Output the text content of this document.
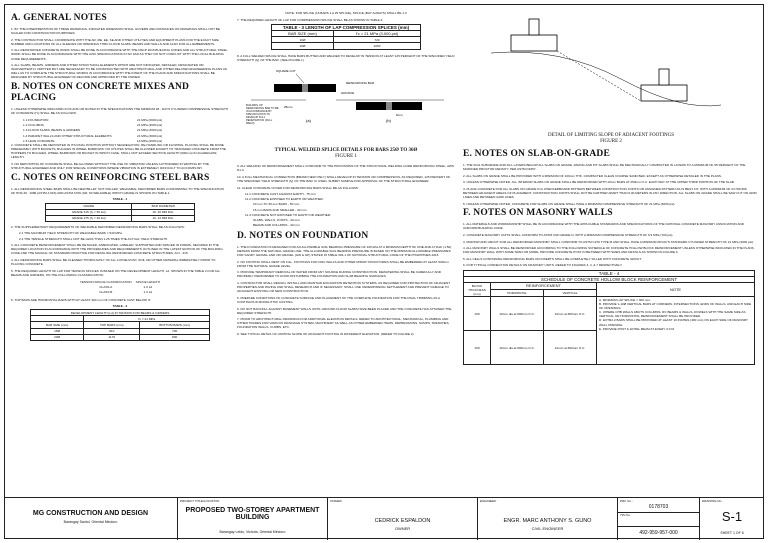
A. GENERAL NOTES
1. BY THE INTERPRETATION OF THESE DRAWINGS, INDICATED DIMENSION SHALL GOVERN AND DISTANCES ON DRAWINGS SHALL NOT BE SCALED FOR CONSTRUCTION PURPOSES.
2. THE CONTRACTOR SHALL COORDINATE WITH THE AR, ME, EE, SE AND OTHER UTILITIES AND EQUIPMENT PLANS FOR THE EXACT SIZE, NUMBER AND LOCATIONS OF ALL SLEEVES OR OPENINGS THRU FLOOR SLABS, BEAMS AND WALLS AND ALSO FOR ALL EMBEDMENTS.
3. ALL REINFORCED CONCRETE WORK SHALL BE DONE IN ACCORDANCE WITH THE NSCP 2015 BUILDING CODES AND ALL STRUCTURAL STEEL WORK SHALL BE DONE IN ACCORDANCE WITH THE AISC SPECIFICATIONS IN SO FAR AS THEY DO NOT CONFLICT WITH THE LOCAL BUILDING CODE REQUIREMENTS.
4. ALL SLABS, BEAMS, GIRDERS AND OTHER STRUCTURAL ELEMENTS WHICH ARE NOT INDICATED, DETAILED, DESIGNATED OR INADVERTENTLY OMITTED BUT ARE NECESSARY TO BE CONSTRUCTED WITH ARCHITECTURAL AND OTHER RELATED ENGINEERING PLANS AS WELL AS TO COMPLETE THE STRUCTURAL WORKS IN ACCORDANCE WITH THE INTENT OF THE PLANS AND SPECIFICATIONS SHALL BE DESIGNED BY STRUCTURAL ENGINEER OF RECORD AND APPROVED BY THE OWNER.
B. NOTES ON CONCRETE MIXES AND PLACING
1. UNLESS OTHERWISE INDICATED IN PLANS OR NOTED IN THE SPECIFICATIONS THE MINIMUM 28 - DAYS CYLINDER COMPRESSIVE STRENGTH OF CONCRETE (f'c) SHALL BE AS FOLLOWS:
1.1 FOUNDATION	21 MPa (3000 psi)
1.2 COLUMNS	21 MPa (3000 psi)
1.3 FLOOR SLABS, BEAMS & GIRDERS	21 MPa (3000 psi)
1.4 PARAPET WALLS AND OTHER STRUCTURAL ELEMENTS	21 MPa (3000 psi)
1.5 LEAN CONCRETE	14 MPa (2000 psi)
2. CONCRETE SHALL BE DEPOSITED IN ITS FINAL POSITION WITHOUT SEGREGATION, RE-HANDLING OR FLOWING. PLACING SHALL BE DONE PREFERABLY WITH BUCKETS, BUGGIES IN WHEEL BARROWS. NO CHUTES SHALL BE ALLOWED EXCEPT TO TRANSFER CONCRETE FROM THE HOPPERS TO BUGGIES, WHEEL BARROWS OR BUCKET IN WHICH CASE, SHALL NOT EXCEED SECTION LENGTH (600mm) IN AGGREGATE LENGTH.
3. NO DEPOSITING OF CONCRETE SHALL BE ALLOWED WITHOUT THE USE OF VIBRATOR UNLESS AUTHORIZED IN WRITING BY THE STRUCTURAL ENGINEER AND ONLY FOR SPECIAL CONDITIONS WHERE VIBRATION IS EXTREMELY DIFFICULT TO ACCOMPLISH.
C. NOTES ON REINFORCING STEEL BARS
1. ALL REINFORCING STEEL BARS SHALL BE NEW BILLET, NOT ROLLED, WELDABLE, DEFORMED BARS CONFORMING TO THE SPECIFICATION OF PNS 49 : 1986 (ASTM A 615) AND ASTM A706 (GR. 60 WELDABLE) WHICH GRADE IS SHOWN ON TABLE 1.
TABLE - 1
GRADE	BAR DIAMETER
GRADE 415 (fy = 60 ksi)	16, 20 MM DIA.
GRADE 275 (fy = 40 ksi)	10, 12 MM DIA.
2. THE SUPPLEMENTARY REQUIREMENTS OF WELDABLE DEFORMED REINFORCING BARS SHALL BE AS FOLLOWS:
2.1 THE MAXIMUM YIELD STRENGTH OF WELDABLE BARS = 540 MPa.
2.2 THE TENSILE STRENGTH SHALL NOT BE LESS THAN 1.25 TIMES THE ACTUAL YIELD STRENGTH.
3. ALL CONCRETE REINFORCEMENT SHALL BE DETAILED, FABRICATED, LABELED, SUPPORTED AND SPACED IN FORMS, SECURED IN THE REQUIRED LOCATION IN ACCORDANCE WITH THE PROCEDURES AND REQUIREMENTS OUTLINED IN THE LATEST EDITION OF THE BUILDING CODE AND THE MANUAL OF STANDARD PRACTICE FOR DETAILING REINFORCED CONCRETE STRUCTURES, ACI - 315.
4. ALL REINFORCING BARS SHALL BE CLEANED THOROUGHLY OF ALL LOOSE RUST, SOIL OR OTHER MATERIAL IMMEDIATELY PRIOR TO PLACING CONCRETE.
5. THE REQUIRED LENGTH OF LAP FOR TENSION SPLICES IS BASED ON THE DEVELOPMENT LENGTH, Ld, SHOWN IN THE TABLE 2 FOR ALL BEAMS AND GIRDERS, ON THE FOLLOWING CLASSIFICATION:
TENSION SPLICE CLASSIFICATION	SPLICE LENGTH
CLASS A	1.0 Ld
CLASS B	1.3 Ld
6. TOP BARS ARE HORIZONTAL BARS WITH AT LEAST 300 mm OF CONCRETE CAST BELOW IT.
TABLE - 2
DEVELOPMENT LENGTH (Ld) IN TENSION FOR BEAMS & GIRDERS		
	f'c = 21 MPa	
BAR SIZE (mm)	TOP BARS (mm)	BOTTOM BARS (mm)
16Ø	910	700
20Ø	1170	900
NOTE: FOR SPLICE (16 BARS 1 A 25 SPLICE), SPLICE (BUT ALWAYS) SHALL BE 1.3
7. THE REQUIRED LENGTH OF LAP FOR COMPRESSION SPLICE SHALL BE AS SHOWN IN TABLE 3.
TABLE - 3 LENGTH OF LAP COMPRESSION SPLICES (mm)	
BAR SIZE (mm)	f'c = 21 MPa (3,000 psi)
16Ø	720
20Ø	1050
8. A FULL WELDED SPLICE SHALL HAVE BARS BUTTED AND WELDED TO DEVELOP IN TENSION AT LEAST 125 PERCENT OF THE SPECIFIED YIELD STRENGTH (fy) OF THE BAR. (SEE FIGURE 1)
SQUARE CUT
REINFORCING BAR
(a)	(b)
GROOVE
25mm
6mm
BUILDING UP REINFORCING BAR TO BE IN ACCORDANCE BY SPECIFICATION TO DEVELOP FULL PENETRATION (FULL WELD)
TYPICAL WELDED SPLICE DETAILS FOR BARS 25Ø TO 36Ø
FIGURE 1
9. ALL WELDING OF REINFORCEMENT SHALL CONFORM TO THE PROVISIONS OF THE STRUCTURAL WELDING CODE REINFORCING STEEL, AWS D1.4.
10. A FULL MECHANICAL CONNECTION (BRAND NEW ONLY) SHALL DEVELOP IN TENSION OR COMPRESSION, AS REQUIRED, 125 PERCENT OF THE SPECIFIED YIELD STRENGTH (fy) OF THE BAR. IF USED, SUBMIT SAMPLE FOR APPROVAL OF THE STRUCTURAL ENGINEER.
11. CLEAR CONCRETE COVER FOR REINFORCING BARS SHALL BE AS FOLLOWS:
11.1 CONCRETE CAST AGAINST EARTH - 75 mm
11.2 CONCRETE EXPOSED TO EARTH OR WEATHER:
20 mm TO 36 mm BARS - 50 mm
16 mm BARS AND SMALLER - 40 mm
11.3 CONCRETE NOT EXPOSED TO EARTH OR WEATHER:
SLABS, WALLS, JOISTS - 20 mm
BEAMS AND COLUMNS - 40 mm
D. NOTES ON FOUNDATION
1. THE FOUNDATION IS DESIGNED FOR AN ALLOWABLE SOIL BEARING PRESSURE OF 100 kPa AT A MINIMUM DEPTH OF ONE AND A HALF (1.50) METERS FROM THE NATURAL GRADE LINE. THE ALLOWABLE SOIL BEARING PRESSURE IS BASED ON THE MINIMUM ALLOWABLE PRESSURES FOR SANDY GRAVEL AND OR GRAVEL (GW & GP) STATED IN TABLE 304-1 OF NATIONAL STRUCTURAL CODE OF THE PHILIPPINES 2015.
2. NO FOOTING SHALL REST ON FILL. FOOTINGS FOR CMU WALLS AND OTHER MINOR STRUCTURES SHALL BE EMBEDDED AT LEAST 600mm FROM THE NATURAL GRADE LEVEL.
3. PROVIDE TEMPORARY REMOVAL OF WATER FROM ANY SOURCE DURING CONSTRUCTION. DEWATERING SHALL BE CAREFULLY AND PROPERLY PERFORMED TO AVOID DISTURBING THE FOUNDATION AND SLAB BEARING SURFACES.
4. CONTRACTOR SHALL DESIGN, INSTALL AND MAINTAIN EXCAVATION RETENTION SYSTEMS, AS REQUIRED FOR PROTECTION OF ADJACENT PROPERTIES AND PAVING AND SHALL RESEARCH AND IF NECESSARY, SHALL USE UNDERPINNING SETTLEMENT AND PREVENT DAMAGE TO ADJACENT EXISTING OR NEW CONSTRUCTION.
5. PREPARE CONDITIONS OF CONCRETE SURFACE AND PLACEMENT OF THE COMPLETE FOUNDATION FOR THE FINAL TRIMMING AS A CONTINUOUS MONOLITHIC CASTING.
6. DO NOT BACKFILL AGAINST BASEMENT WALLS UNTIL GROUND FLOOR SLABS HAVE BEEN PLACED AND THE CONCRETE HAS ATTAINED THE REQUIRED STRENGTH.
7. PRIOR TO ARCHITECTURAL DRAWINGS FOR ADDITIONAL ELEVATION DETAILS. REFER TO ARCHITECTURAL, MECHANICAL, PLUMBING AND OTHER TRADES FOR VARIOUS DRAINAGE SYSTEM, MACHINERY AS WELL AS OTHER EMBEDDED ITEMS, DEPRESSIONS, SUMPS, TRENCHES, FOUNDATION WALLS, CURBS, ETC.
8. SEE TYPICAL DETAIL OF LIMITING SLOPE OF ADJACENT FOOTING IN DIFFERENT ELEVATION. (REFER TO FIGURE 2)
DETAIL OF LIMITING SLOPE OF ADJACENT FOOTINGS
FIGURE 2
E. NOTES ON SLAB-ON-GRADE
1. THE SOIL SUBGRADE AND FILL LAYERS BELOW ALL SLABS ON GRADE, PAVING AND PIT SLABS SHALL BE MECHANICALLY COMPACTED IN LAYERS TO A MINIMUM OF 95 PERCENT OF THE MODIFIED PROCTOR DENSITY, PER ASTM D1557.
2. ALL SLABS ON GRADE SHALL BE PROVIDED WITH A MINIMUM OF 100mm THK. COMPACTED CLEAN COARSE SAND BED, EXCEPT AS OTHERWISE DETAILED IN THE PLANS.
3. UNLESS OTHERWISE NOTED, ALL INTERIOR SLABS ON GRADE SHALL BE REINFORCED WITH 10mm BARS AT 250mm O.C. EACH WAY AT THE UPPER THIRD PORTION OF THE SLAB.
4. PLACE CONCRETE FOR ALL SLABS ON GRADE IN A CHECKERBOARD PATTERN BETWEEN CONSTRUCTION JOINTS OR ASSIGNED PATTERN AS IS BEST FIT, WITH A MINIMUM OF 24 HOURS BETWEEN ADJACENT AREAS OF PLACEMENT. CONSTRUCTION JOINTS SHALL NOT BE FARTHER APART THAN 6.00 METERS IN ANY DIRECTION. ALL SLABS ON GRADE SHALL BE SAW CUT ON GRID LINES AND BETWEEN GRID LINES.
5. UNLESS OTHERWISE NOTED, CONCRETE FOR SLABS ON GRADE SHALL HAVE A MINIMUM COMPRESSIVE STRENGTH OF 21 MPa (3000 psi).
F. NOTES ON MASONRY WALLS
1. ALL MATERIALS AND WORKMANSHIP SHALL BE IN ACCORDANCE WITH THE APPLICABLE STANDARDS AND SPECIFICATIONS OF THE NATIONAL CONCRETE MASONRY ASSOCIATION AND UNIFORM BUILDING CODE.
2. CONCRETE MASONRY UNITS SHALL CONFORM TO ASTM C90 GRADE N, WITH A MINIMUM COMPRESSIVE STRENGTH OF 6.9 MPa (700 psi).
3. MORTAR AND GROUT FOR ALL REINFORCED MASONRY SHALL CONFORM TO ASTM C270 TYPE M AND SHALL HAVE A MINIMUM 28 DAYS STANDARD CYLINDER STRENGTH OF 21 MPa (3000 psi).
4. ALL MASONRY WALLS SHALL BE REINFORCED ACCORDING TO THE FOLLOWING SCHEDULE OF CONCRETE HOLLOW BLOCK REINFORCEMENT UNLESS OTHERWISE INDICATED IN THE PLANS. FOR MASONRY WALL WITH SOME SPAN OR MORE, PROVIDE CONCRETE POST IN BETWEEN WITH SIZES AND DETAILS AS SHOWN IN FIGURE 3.
5. ALL CELLS CONTAINING REINFORCING BARS OR INSERTS SHALL BE COMPLETELY FILLED WITH CONCRETE GROUT.
6. FOR TYPICAL CONNECTION DETAILS ON MASONRY UNITS, REFER TO FIGURES 3, 4, & 7 RESPECTIVELY.
TABLE - 4			
SCHEDULE OF CONCRETE HOLLOW BLOCK REINFORCEMENT			
BLOCK THICKNESS (mm)	REINFORCEMENT		NOTE
	HORIZONTAL	VERTICAL	
100	10mm dia at 600mm O.C.	10mm at 600mm O.C.	A. MINIMUM LAP SPLICE = 300 mm.
B. PROVIDE 1-10Ø VERTICAL BARS AT CORNERS, INTERSECTIONS, ENDS OF WALLS, AND EACH SIDE OF OPENINGS.
C. WHERE CHB WALLS ABUTS COLUMNS, RC BEAMS & WALLS, DOWELS WITH THE SAME SIZE AS VERTICAL OR HORIZONTAL REINFORCEMENT SHALL BE PROVIDED.
D. EXTRA 2 BARS SHALL BE PROVIDED AT LEAST 10 INCHES (400 mm) ON EACH SIDE OF MASONRY WALL OPENING.
E. PROVIDE POST & LINTEL BEAM AT EVERY 3.0 M.

150	10mm dia at 600mm O.C.	12mm at 600mm O.C.	
MG CONSTRUCTION AND DESIGN
Barangay Santol, Oriental Mindoro
PROJECT TITLE/LOCATION:
PROPOSED TWO-STOREY APARTMENT BUILDING
Barangay Leido, Victoria, Oriental Mindoro
OWNER:
CEDRICK ESPALDON
OWNER
ENGINEER:
ENGR. MARC ANTHONY S. GUNO
CIVIL ENGINEER
PRC No.:
0178703
TIN No.:
492-959-957-000
DRAWING No.:
S-1
SHEET 1 OF 6
